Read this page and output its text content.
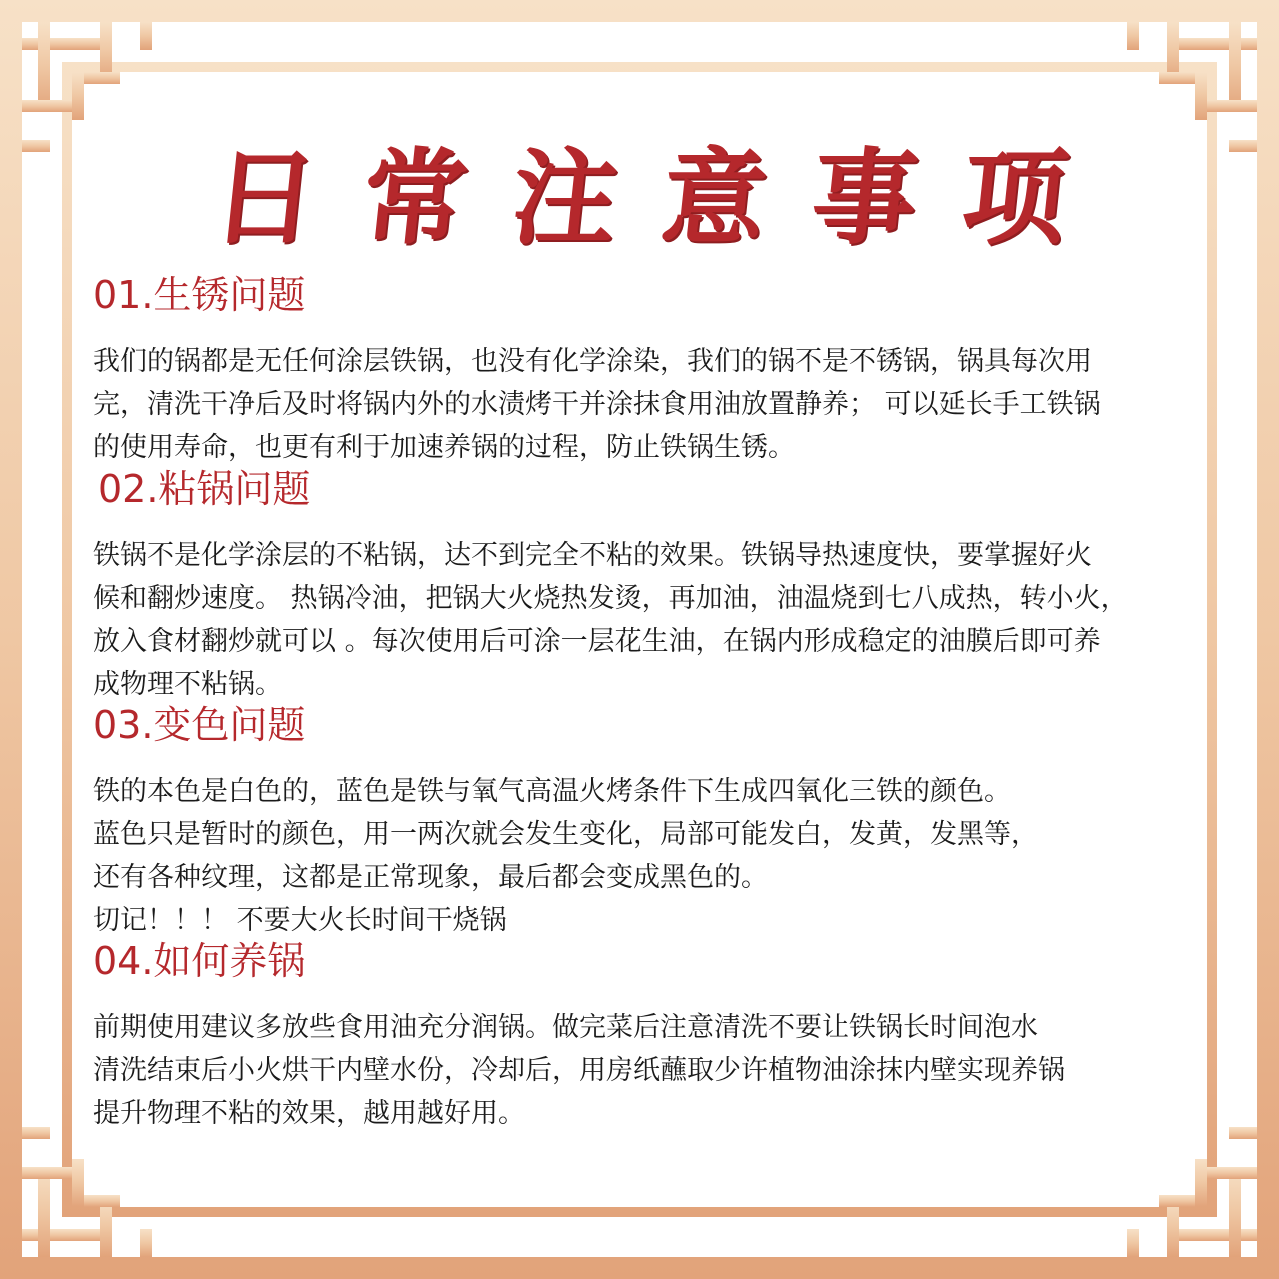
日常注意事项
01.生锈问题

我们的锅都是无任何涂层铁锅，也没有化学涂染，我们的锅不是不锈锅，锅具每次用

完，清洗干净后及时将锅内外的水渍烤干并涂抹食用油放置静养； 可以延长手工铁锅

的使用寿命，也更有利于加速养锅的过程，防止铁锅生锈。

02.粘锅问题

铁锅不是化学涂层的不粘锅，达不到完全不粘的效果。铁锅导热速度快，要掌握好火

候和翻炒速度。 热锅冷油，把锅大火烧热发烫，再加油，油温烧到七八成热，转小火，

放入食材翻炒就可以 。每次使用后可涂一层花生油，在锅内形成稳定的油膜后即可养

成物理不粘锅。

03.变色问题

铁的本色是白色的，蓝色是铁与氧气高温火烤条件下生成四氧化三铁的颜色。

蓝色只是暂时的颜色，用一两次就会发生变化，局部可能发白，发黄，发黑等，

还有各种纹理，这都是正常现象，最后都会变成黑色的。

切记！！！ 不要大火长时间干烧锅

04.如何养锅

前期使用建议多放些食用油充分润锅。做完菜后注意清洗不要让铁锅长时间泡水

清洗结束后小火烘干内壁水份，冷却后，用房纸蘸取少许植物油涂抹内壁实现养锅

提升物理不粘的效果，越用越好用。
